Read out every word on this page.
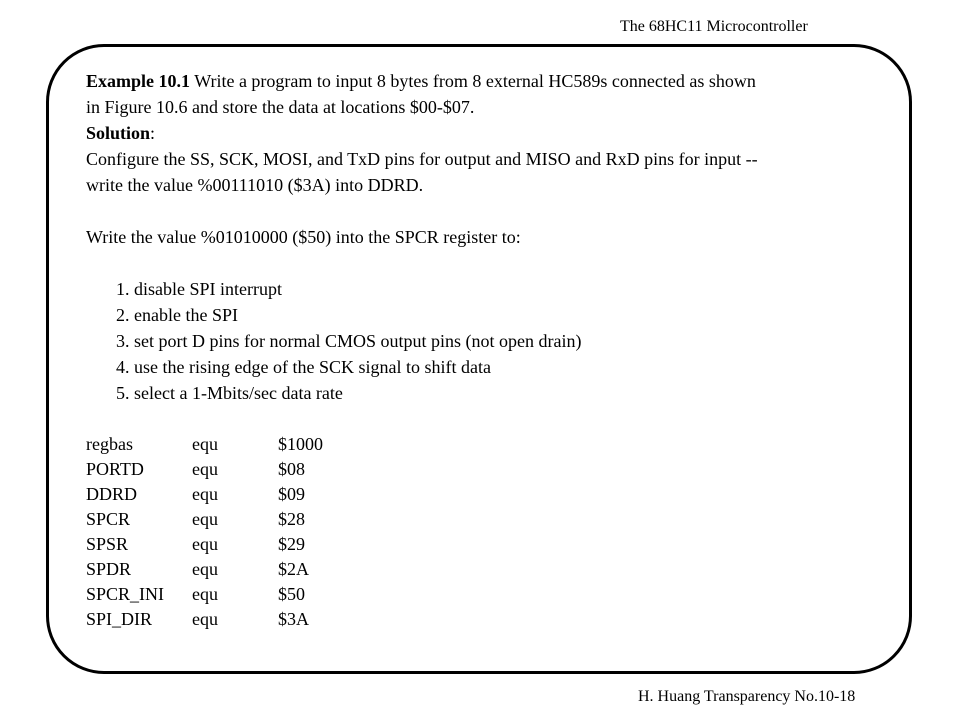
The 68HC11 Microcontroller
Example 10.1 Write a program to input 8 bytes from 8 external HC589s connected as shown
in Figure 10.6 and store the data at locations $00-$07.
Solution:
Configure the SS, SCK, MOSI, and TxD pins for output and MISO and RxD pins for input --
write the value %00111010 ($3A) into DDRD.
Write the value %01010000 ($50) into the SPCR register to:
1. disable SPI interrupt
2. enable the SPI
3. set port D pins for normal CMOS output pins (not open drain)
4. use the rising edge of the SCK signal to shift data
5. select a 1-Mbits/sec data rate
regbas	equ	$1000
PORTD	equ	$08
DDRD	equ	$09
SPCR	equ	$28
SPSR	equ	$29
SPDR	equ	$2A
SPCR_INI	equ	$50
SPI_DIR	equ	$3A
H. Huang Transparency No.10-18
